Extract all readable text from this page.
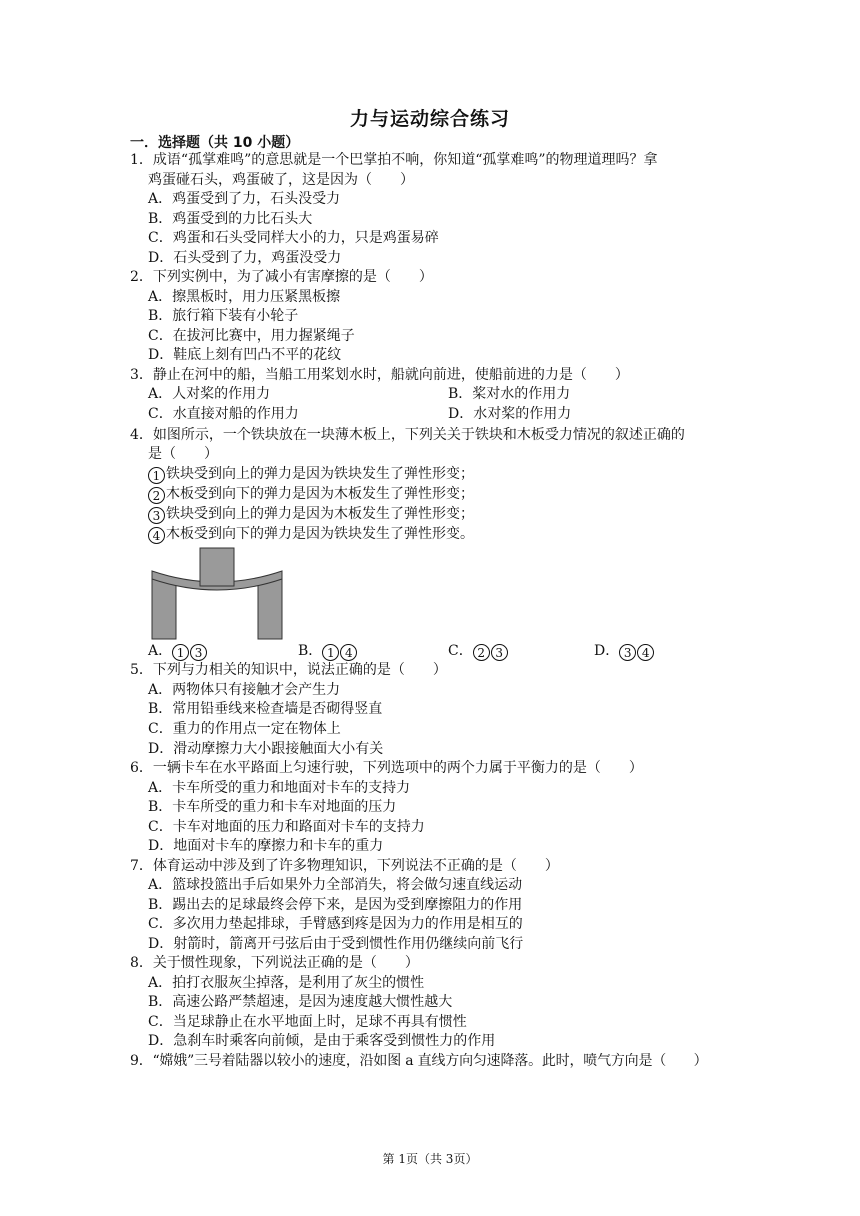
力与运动综合练习
一．选择题（共 10 小题）
1．成语“孤掌难鸣”的意思就是一个巴掌拍不响，你知道“孤掌难鸣”的物理道理吗？拿
鸡蛋碰石头，鸡蛋破了，这是因为（　　）
A．鸡蛋受到了力，石头没受力
B．鸡蛋受到的力比石头大
C．鸡蛋和石头受同样大小的力，只是鸡蛋易碎
D．石头受到了力，鸡蛋没受力
2．下列实例中，为了减小有害摩擦的是（　　）
A．擦黑板时，用力压紧黑板擦
B．旅行箱下装有小轮子
C．在拔河比赛中，用力握紧绳子
D．鞋底上刻有凹凸不平的花纹
3．静止在河中的船，当船工用桨划水时，船就向前进，使船前进的力是（　　）
A．人对桨的作用力	B．桨对水的作用力
C．水直接对船的作用力	D．水对桨的作用力
4．如图所示，一个铁块放在一块薄木板上，下列关关于铁块和木板受力情况的叙述正确的
是（　　）
1 铁块受到向上的弹力是因为铁块发生了弹性形变；
2 木板受到向下的弹力是因为木板发生了弹性形变；
3 铁块受到向上的弹力是因为木板发生了弹性形变；
4 木板受到向下的弹力是因为铁块发生了弹性形变。
A． 1 3	B． 1 4	C． 2 3	D． 3 4
5．下列与力相关的知识中，说法正确的是（　　）
A．两物体只有接触才会产生力
B．常用铅垂线来检查墙是否砌得竖直
C．重力的作用点一定在物体上
D．滑动摩擦力大小跟接触面大小有关
6．一辆卡车在水平路面上匀速行驶，下列选项中的两个力属于平衡力的是（　　）
A．卡车所受的重力和地面对卡车的支持力
B．卡车所受的重力和卡车对地面的压力
C．卡车对地面的压力和路面对卡车的支持力
D．地面对卡车的摩擦力和卡车的重力
7．体育运动中涉及到了许多物理知识，下列说法不正确的是（　　）
A．篮球投篮出手后如果外力全部消失，将会做匀速直线运动
B．踢出去的足球最终会停下来，是因为受到摩擦阻力的作用
C．多次用力垫起排球，手臂感到疼是因为力的作用是相互的
D．射箭时，箭离开弓弦后由于受到惯性作用仍继续向前飞行
8．关于惯性现象，下列说法正确的是（　　）
A．拍打衣服灰尘掉落，是利用了灰尘的惯性
B．高速公路严禁超速，是因为速度越大惯性越大
C．当足球静止在水平地面上时，足球不再具有惯性
D．急刹车时乘客向前倾，是由于乘客受到惯性力的作用
9．“嫦娥”三号着陆器以较小的速度，沿如图 a 直线方向匀速降落。此时，喷气方向是（　　）
第 1页（共 3页）
